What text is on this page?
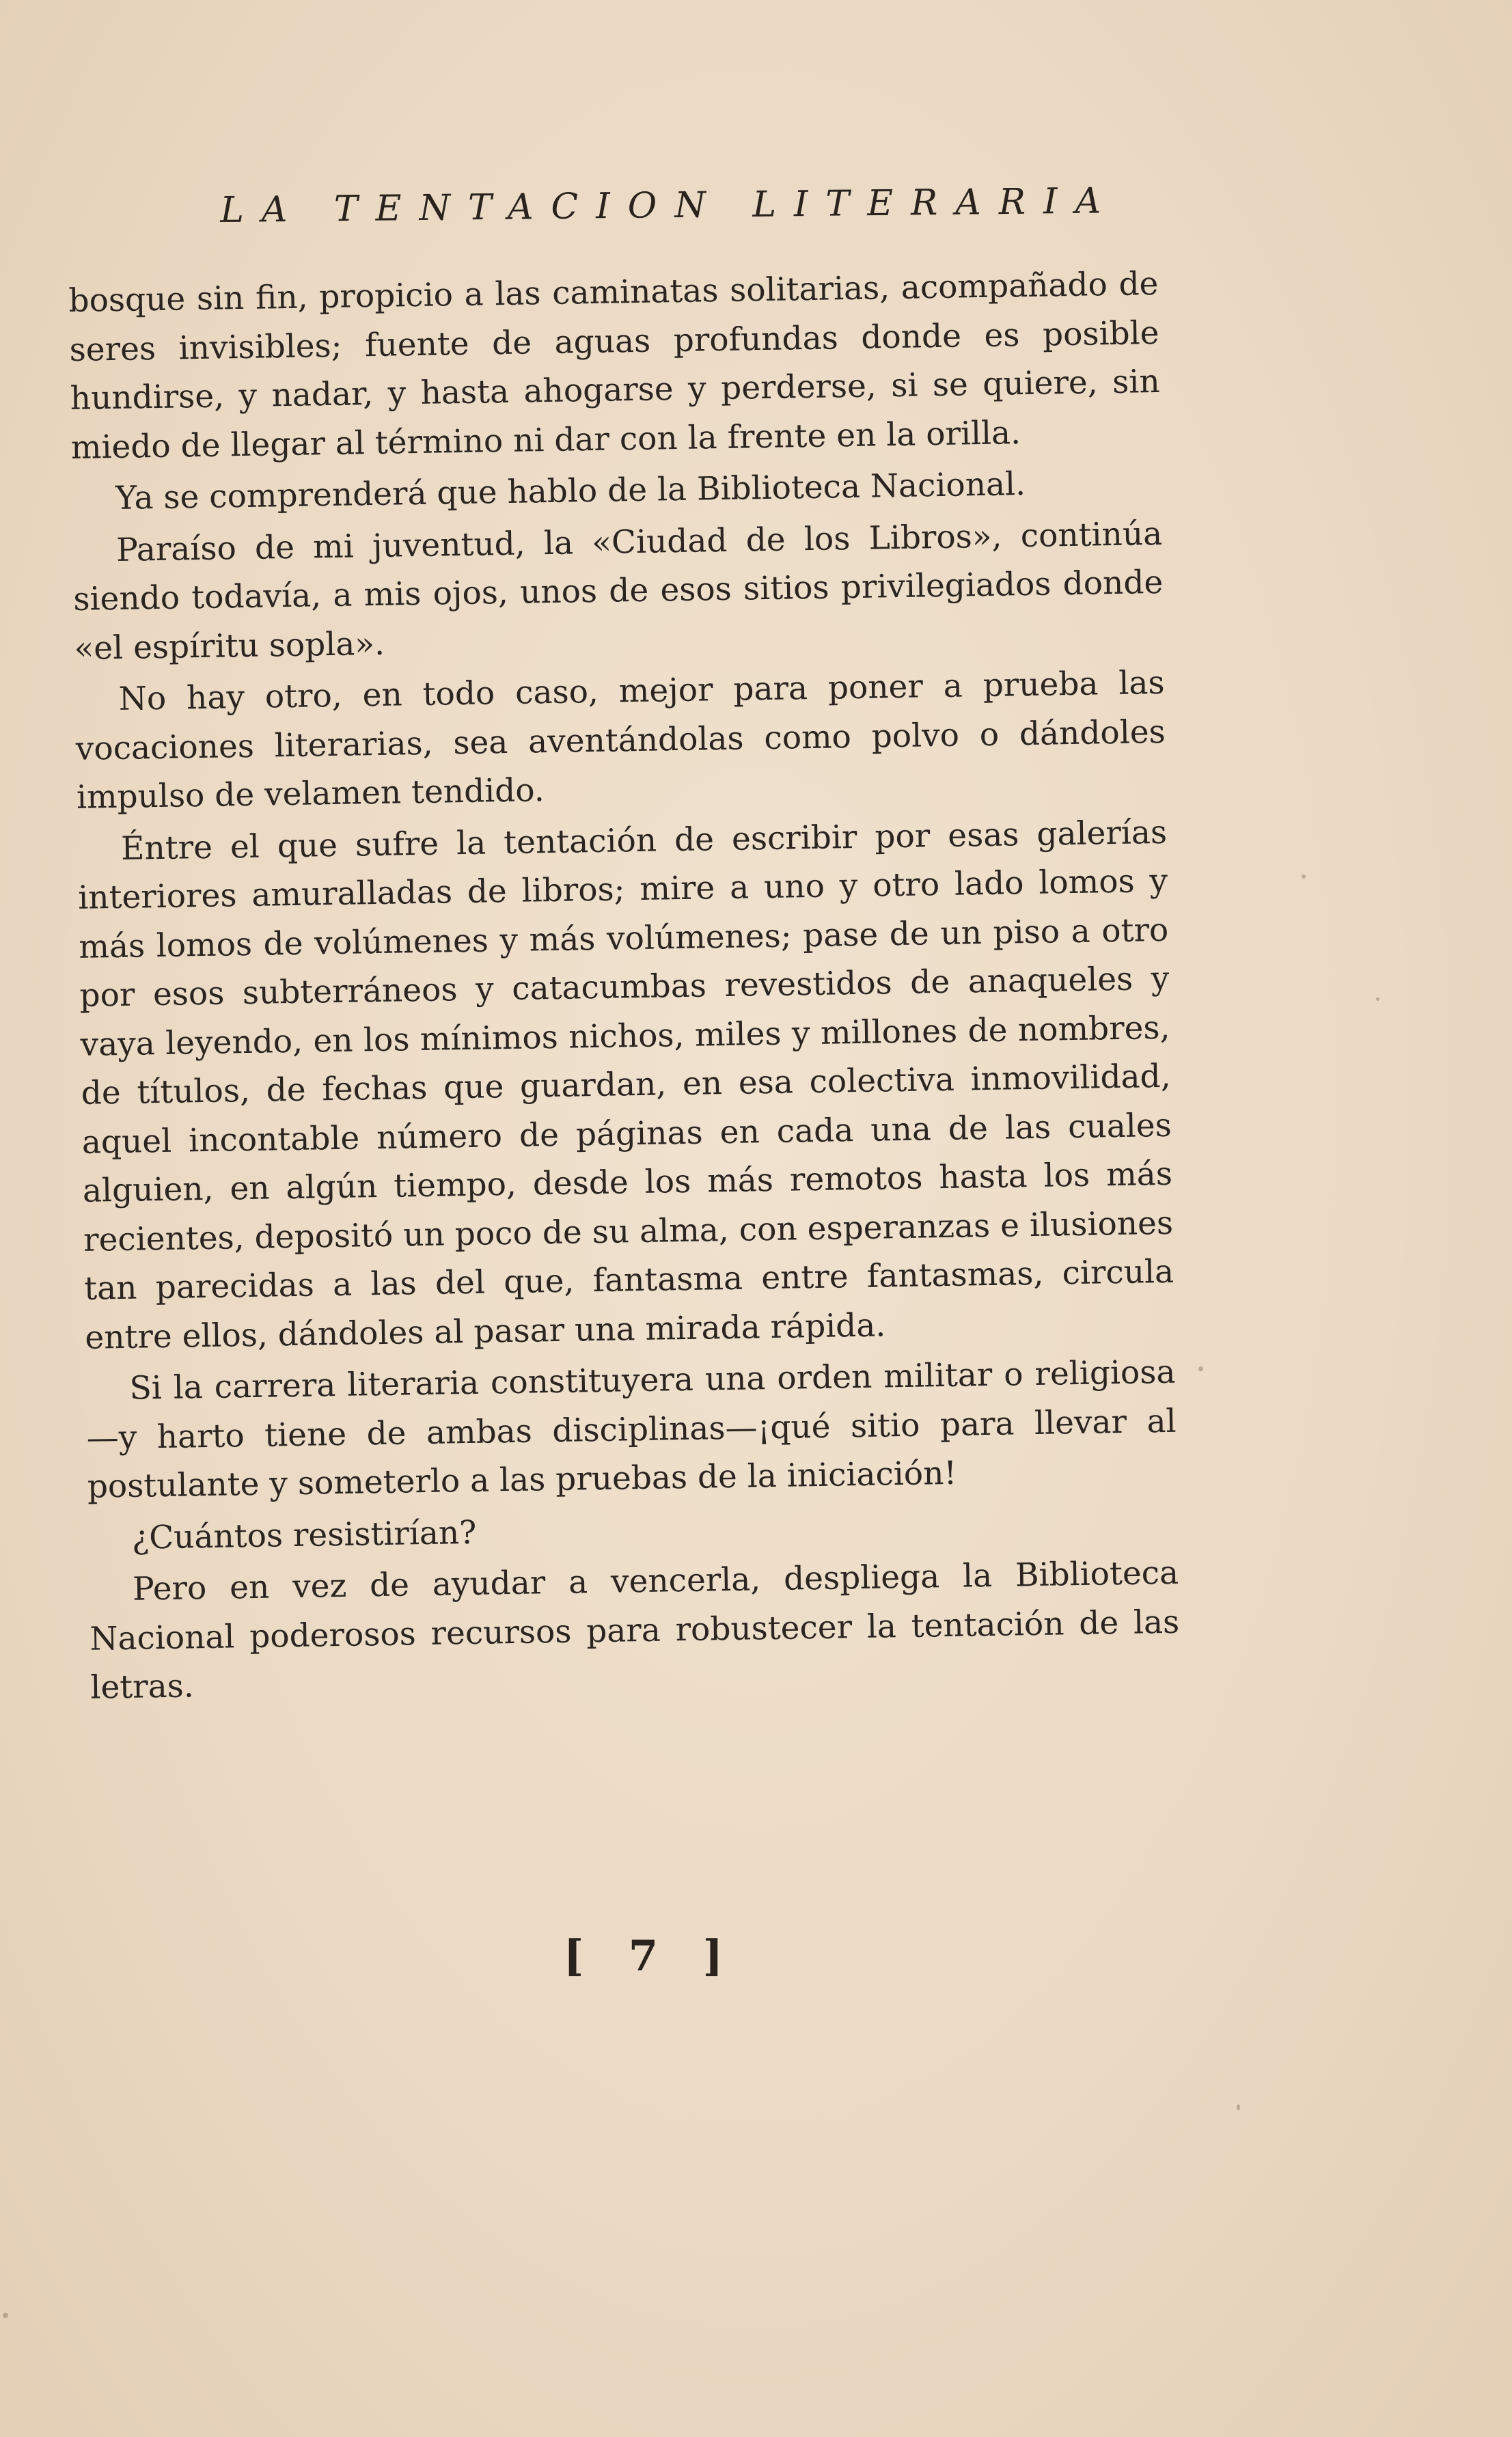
LA TENTACION LITERARIA

bosque sin fin, propicio a las caminatas solitarias, acompañado de seres invisibles; fuente de aguas profundas donde es posible hundirse, y nadar, y hasta ahogarse y perderse, si se quiere, sin miedo de llegar al término ni dar con la frente en la orilla.

Ya se comprenderá que hablo de la Biblioteca Nacional.

Paraíso de mi juventud, la «Ciudad de los Libros», continúa siendo todavía, a mis ojos, unos de esos sitios privilegiados donde «el espíritu sopla».

No hay otro, en todo caso, mejor para poner a prueba las vocaciones literarias, sea aventándolas como polvo o dándoles impulso de velamen tendido.

Éntre el que sufre la tentación de escribir por esas galerías interiores amuralladas de libros; mire a uno y otro lado lomos y más lomos de volúmenes y más volúmenes; pase de un piso a otro por esos subterráneos y catacumbas revestidos de anaqueles y vaya leyendo, en los mínimos nichos, miles y millones de nombres, de títulos, de fechas que guardan, en esa colectiva inmovilidad, aquel incontable número de páginas en cada una de las cuales alguien, en algún tiempo, desde los más remotos hasta los más recientes, depositó un poco de su alma, con esperanzas e ilusiones tan parecidas a las del que, fantasma entre fantasmas, circula entre ellos, dándoles al pasar una mirada rápida.

Si la carrera literaria constituyera una orden militar o religiosa—y harto tiene de ambas disciplinas—¡qué sitio para llevar al postulante y someterlo a las pruebas de la iniciación!

¿Cuántos resistirían?

Pero en vez de ayudar a vencerla, despliega la Biblioteca Nacional poderosos recursos para robustecer la tentación de las letras.

[ 7 ]
